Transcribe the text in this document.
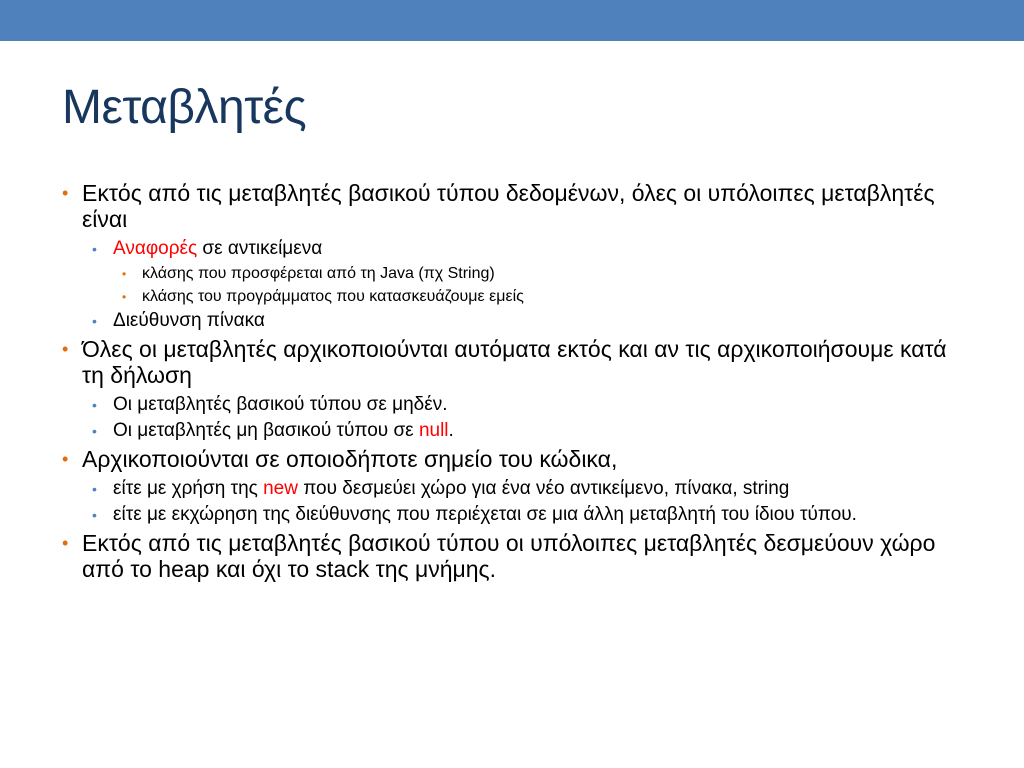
Μεταβλητές
• Εκτός από τις μεταβλητές βασικού τύπου δεδομένων, όλες οι υπόλοιπες μεταβλητές είναι
• Αναφορές σε αντικείμενα
• κλάσης που προσφέρεται από τη Java (πχ String)
• κλάσης του προγράμματος που κατασκευάζουμε εμείς
• Διεύθυνση πίνακα
• Όλες οι μεταβλητές αρχικοποιούνται αυτόματα εκτός και αν τις αρχικοποιήσουμε κατά τη δήλωση
• Οι μεταβλητές βασικού τύπου σε μηδέν.
• Οι μεταβλητές μη βασικού τύπου σε null.
• Αρχικοποιούνται σε οποιοδήποτε σημείο του κώδικα,
• είτε με χρήση της new που δεσμεύει χώρο για ένα νέο αντικείμενο, πίνακα, string
• είτε με εκχώρηση της διεύθυνσης που περιέχεται σε μια άλλη μεταβλητή του ίδιου τύπου.
• Εκτός από τις μεταβλητές βασικού τύπου οι υπόλοιπες μεταβλητές δεσμεύουν χώρο από το heap και όχι το stack της μνήμης.
